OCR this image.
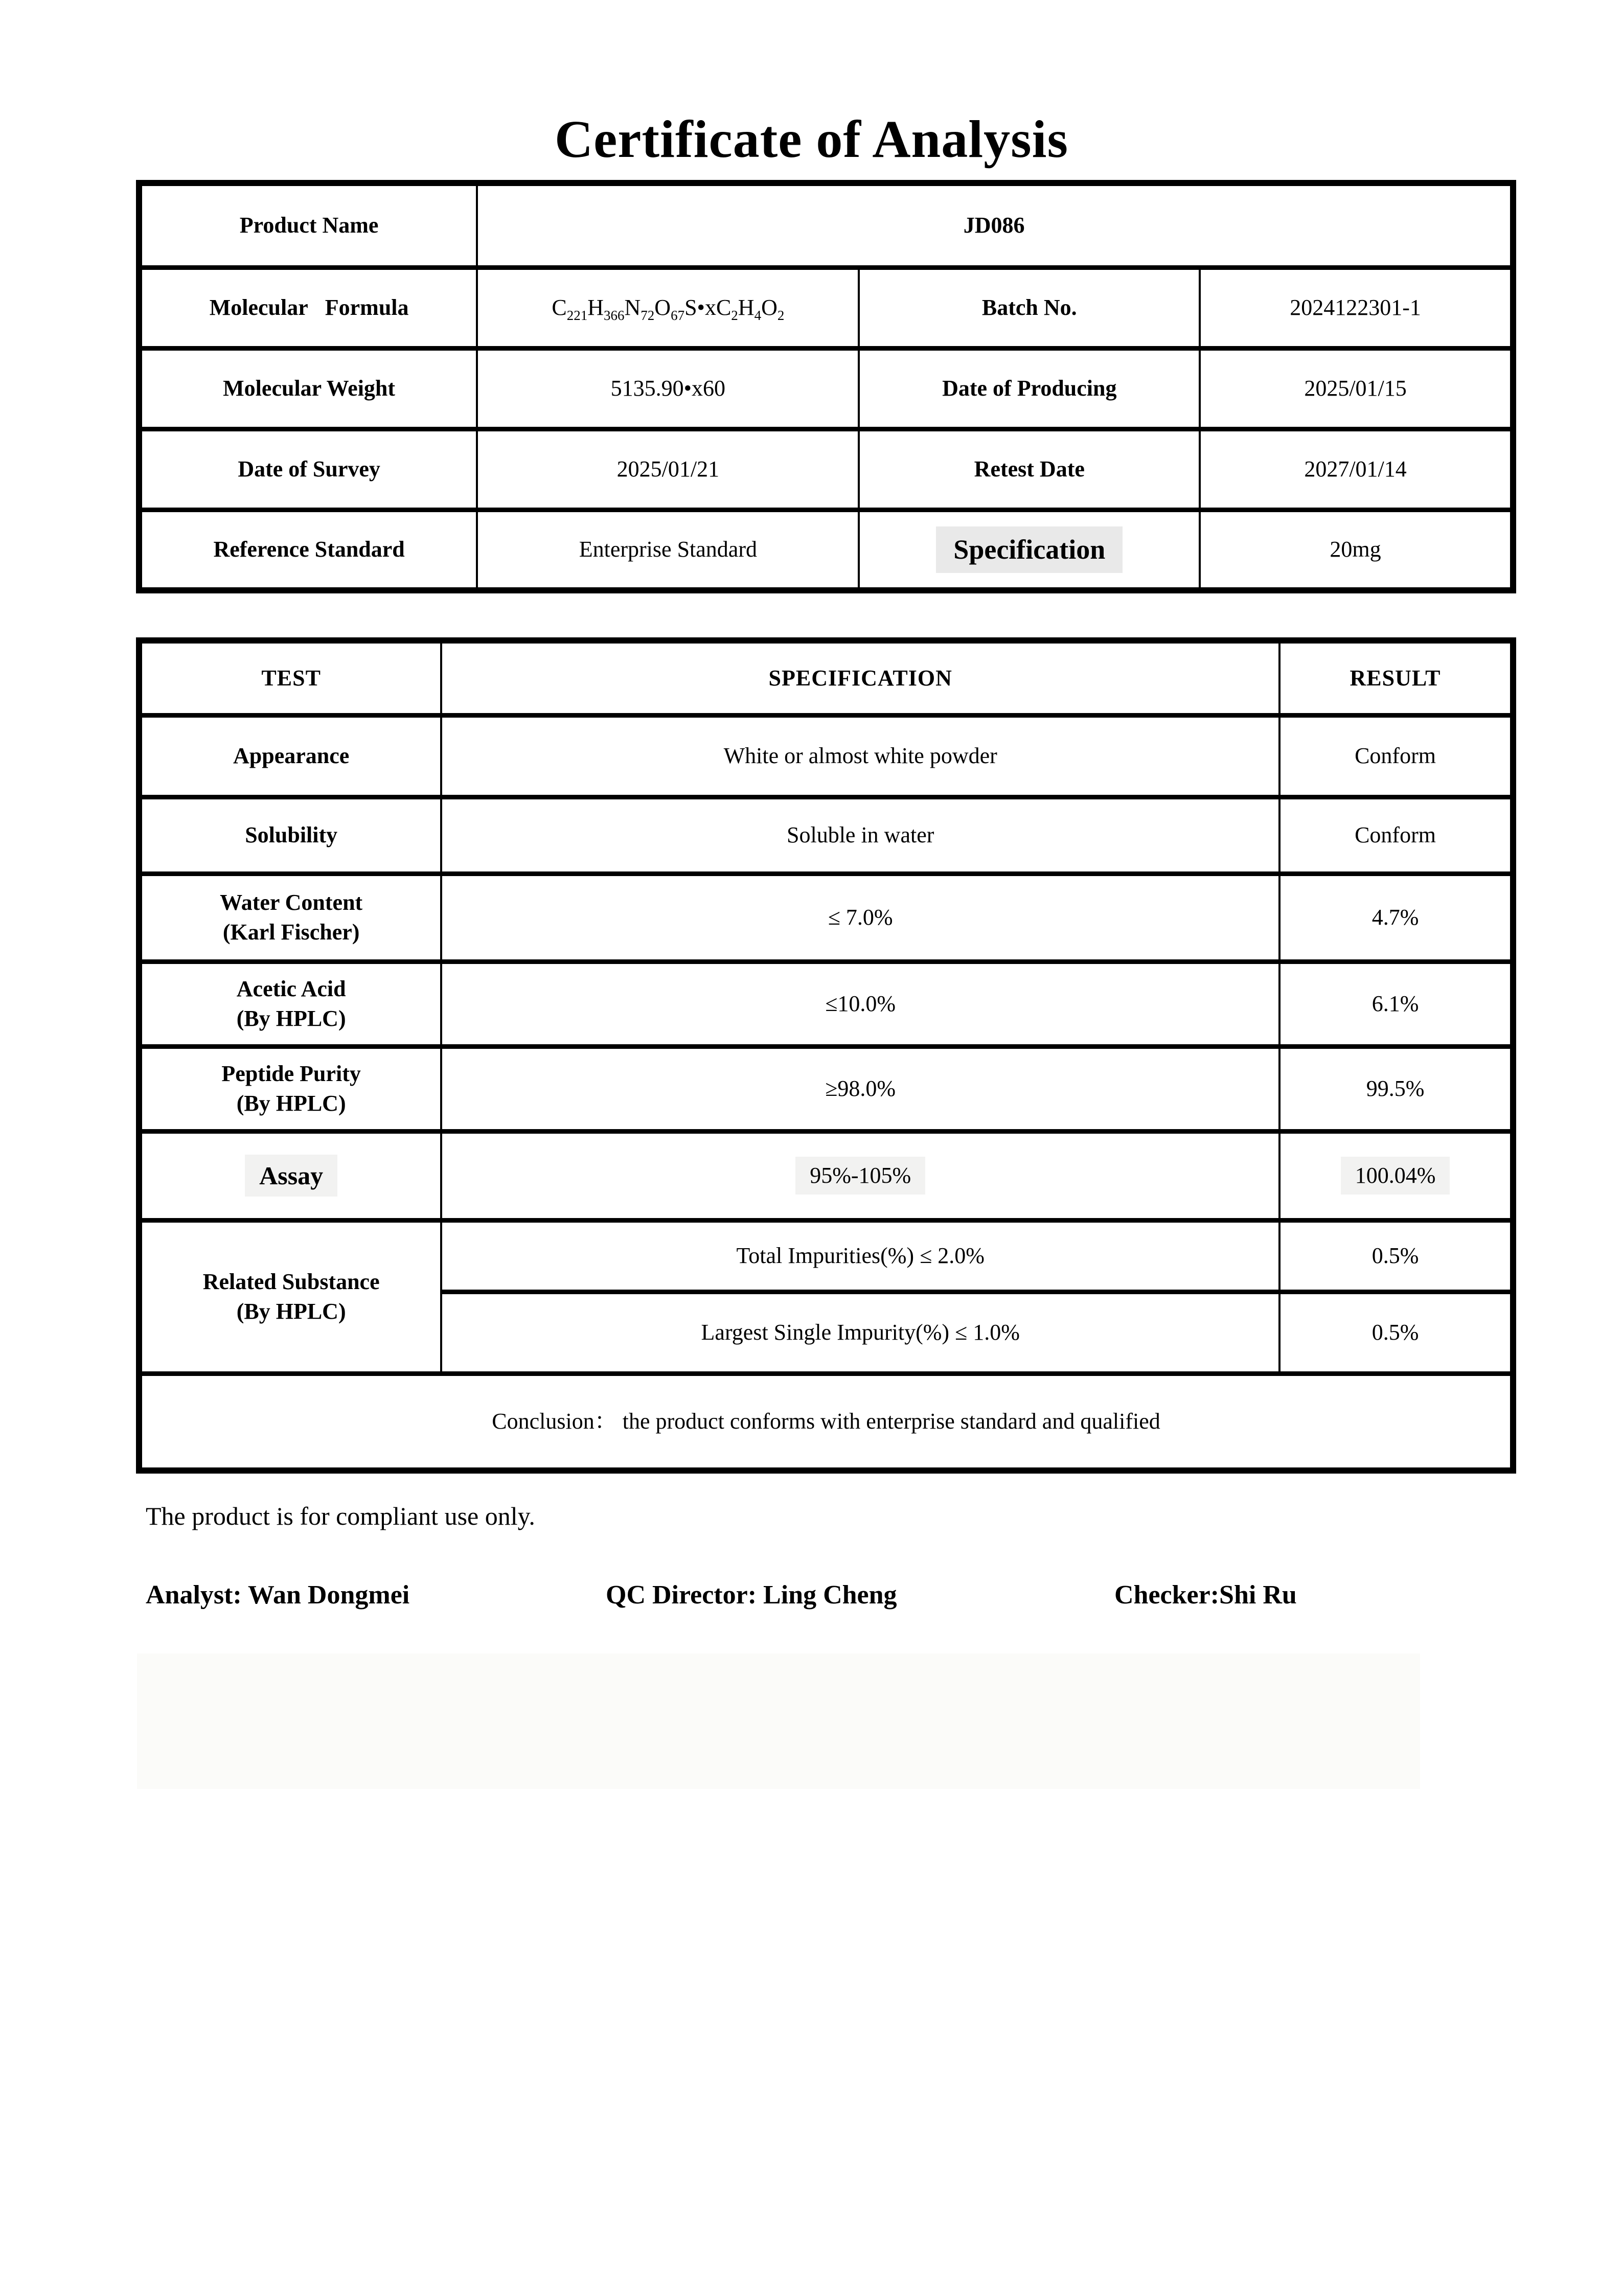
Certificate of Analysis
Product Name	JD086		
Molecular   Formula	$C_{221}H_{366}N_{72}O_{67}S•xC_2H_4O_2$	Batch No.	2024122301-1
Molecular Weight	5135.90•x60	Date of Producing	2025/01/15
Date of Survey	2025/01/21	Retest Date	2027/01/14
Reference Standard	Enterprise Standard	Specification	20mg
TEST	SPECIFICATION	RESULT
Appearance	White or almost white powder	Conform
Solubility	Soluble in water	Conform
Water Content
(Karl Fischer)	≤ 7.0%	4.7%
Acetic Acid
(By HPLC)	≤10.0%	6.1%
Peptide Purity
(By HPLC)	≥98.0%	99.5%
Assay	95%-105%	100.04%
Related Substance
(By HPLC)	Total Impurities(%) ≤ 2.0%	0.5%
	Largest Single Impurity(%) ≤ 1.0%	0.5%
Conclusion： the product conforms with enterprise standard and qualified		

The product is for compliant use only.

Analyst: Wan Dongmei	QC Director: Ling Cheng	Checker:Shi Ru
